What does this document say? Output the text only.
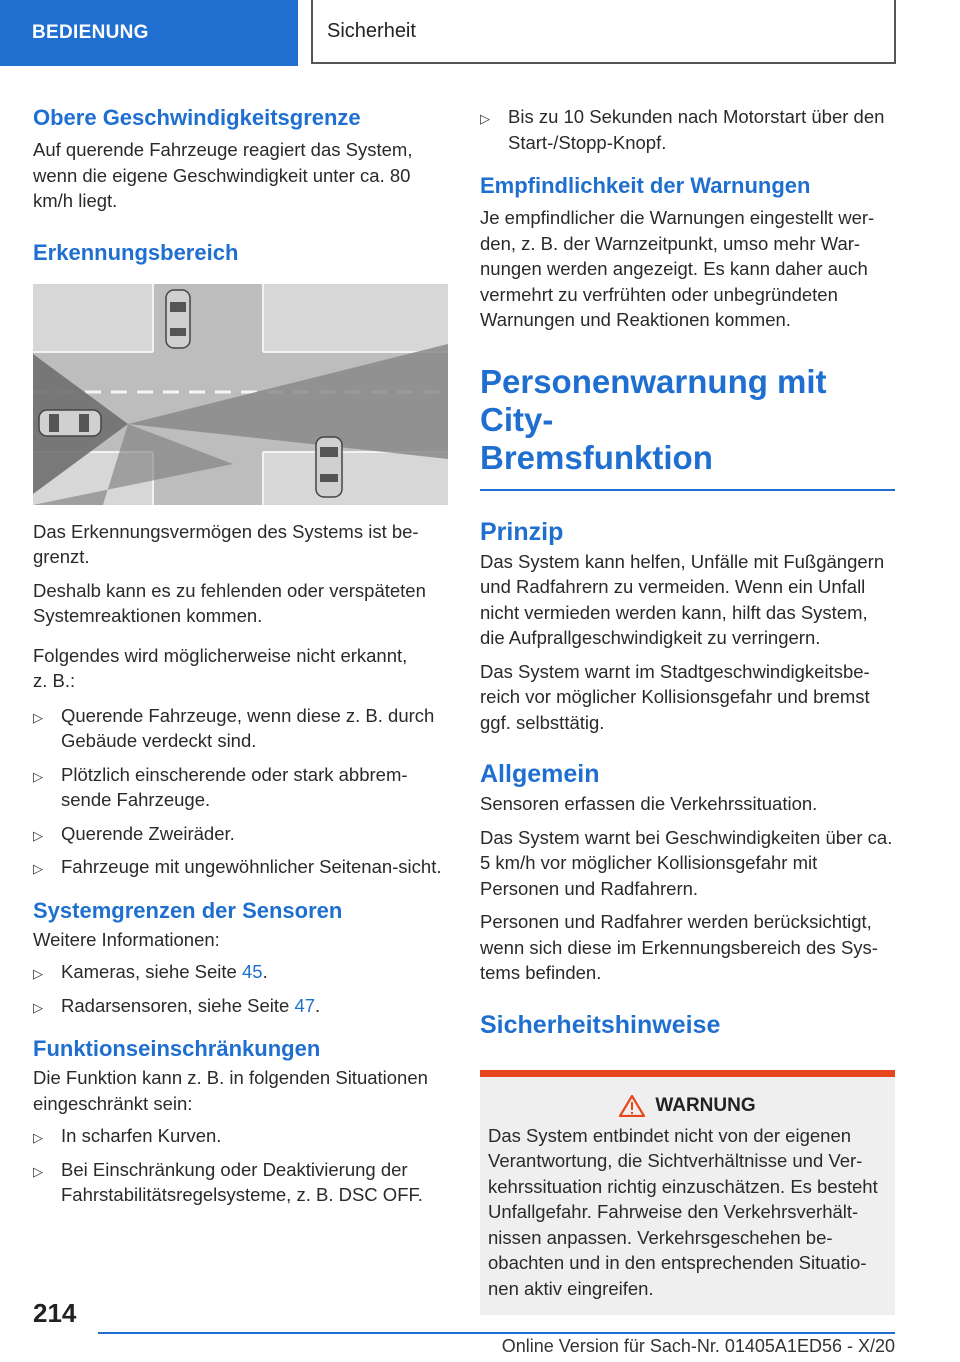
BEDIENUNG	Sicherheit
Obere Geschwindigkeitsgrenze

Auf querende Fahrzeuge reagiert das System, wenn die eigene Geschwindigkeit unter ca. 80 km/h liegt.

Erkennungsbereich

Das Erkennungsvermögen des Systems ist be‐grenzt.

Deshalb kann es zu fehlenden oder verspäteten Systemreaktionen kommen.

Folgendes wird möglicherweise nicht erkannt, z. B.:

▷ Querende Fahrzeuge, wenn diese z. B. durch Gebäude verdeckt sind.
▷ Plötzlich einscherende oder stark abbrem‐sende Fahrzeuge.
▷ Querende Zweiräder.
▷ Fahrzeuge mit ungewöhnlicher Seitenan‐sicht.
Systemgrenzen der Sensoren

Weitere Informationen:

▷ Kameras, siehe Seite 45.
▷ Radarsensoren, siehe Seite 47.
Funktionseinschränkungen

Die Funktion kann z. B. in folgenden Situationen eingeschränkt sein:

▷ In scharfen Kurven.
▷ Bei Einschränkung oder Deaktivierung der Fahrstabilitätsregelsysteme, z. B. DSC OFF.
▷ Bis zu 10 Sekunden nach Motorstart über den Start-/Stopp-Knopf.
Empfindlichkeit der Warnungen

Je empfindlicher die Warnungen eingestellt wer‐den, z. B. der Warnzeitpunkt, umso mehr War‐nungen werden angezeigt. Es kann daher auch vermehrt zu verfrühten oder unbegründeten Warnungen und Reaktionen kommen.

Personenwarnung mit City-
Bremsfunktion
Prinzip

Das System kann helfen, Unfälle mit Fußgängern und Radfahrern zu vermeiden. Wenn ein Unfall nicht vermieden werden kann, hilft das System, die Aufprallgeschwindigkeit zu verringern.

Das System warnt im Stadtgeschwindigkeitsbe‐reich vor möglicher Kollisionsgefahr und bremst ggf. selbsttätig.

Allgemein

Sensoren erfassen die Verkehrssituation.

Das System warnt bei Geschwindigkeiten über ca. 5 km/h vor möglicher Kollisionsgefahr mit Personen und Radfahrern.

Personen und Radfahrer werden berücksichtigt, wenn sich diese im Erkennungsbereich des Sys‐tems befinden.

Sicherheitshinweise
WARNUNG

Das System entbindet nicht von der eigenen Verantwortung, die Sichtverhältnisse und Ver‐kehrssituation richtig einzuschätzen. Es besteht Unfallgefahr. Fahrweise den Verkehrsverhält‐nissen anpassen. Verkehrsgeschehen be‐obachten und in den entsprechenden Situatio‐nen aktiv eingreifen.

214
Online Version für Sach-Nr. 01405A1ED56 - X/20
